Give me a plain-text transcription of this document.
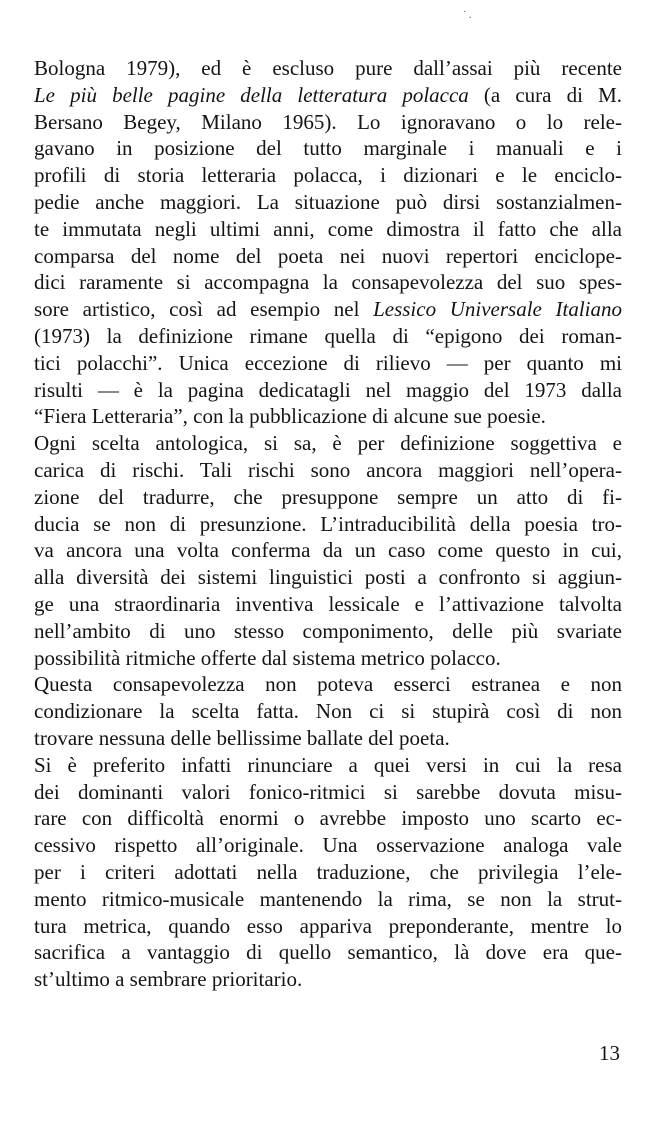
˙ .
Bologna 1979), ed è escluso pure dall’assai più recente
Le più belle pagine della letteratura polacca (a cura di M.
Bersano Begey, Milano 1965). Lo ignoravano o lo rele-
gavano in posizione del tutto marginale i manuali e i
profili di storia letteraria polacca, i dizionari e le enciclo-
pedie anche maggiori. La situazione può dirsi sostanzialmen-
te immutata negli ultimi anni, come dimostra il fatto che alla
comparsa del nome del poeta nei nuovi repertori enciclope-
dici raramente si accompagna la consapevolezza del suo spes-
sore artistico, così ad esempio nel Lessico Universale Italiano
(1973) la definizione rimane quella di “epigono dei roman-
tici polacchi”. Unica eccezione di rilievo — per quanto mi
risulti — è la pagina dedicatagli nel maggio del 1973 dalla
“Fiera Letteraria”, con la pubblicazione di alcune sue poesie.
Ogni scelta antologica, si sa, è per definizione soggettiva e
carica di rischi. Tali rischi sono ancora maggiori nell’opera-
zione del tradurre, che presuppone sempre un atto di fi-
ducia se non di presunzione. L’intraducibilità della poesia tro-
va ancora una volta conferma da un caso come questo in cui,
alla diversità dei sistemi linguistici posti a confronto si aggiun-
ge una straordinaria inventiva lessicale e l’attivazione talvolta
nell’ambito di uno stesso componimento, delle più svariate
possibilità ritmiche offerte dal sistema metrico polacco.
Questa consapevolezza non poteva esserci estranea e non
condizionare la scelta fatta. Non ci si stupirà così di non
trovare nessuna delle bellissime ballate del poeta.
Si è preferito infatti rinunciare a quei versi in cui la resa
dei dominanti valori fonico-ritmici si sarebbe dovuta misu-
rare con difficoltà enormi o avrebbe imposto uno scarto ec-
cessivo rispetto all’originale. Una osservazione analoga vale
per i criteri adottati nella traduzione, che privilegia l’ele-
mento ritmico-musicale mantenendo la rima, se non la strut-
tura metrica, quando esso appariva preponderante, mentre lo
sacrifica a vantaggio di quello semantico, là dove era que-
st’ultimo a sembrare prioritario.
13
